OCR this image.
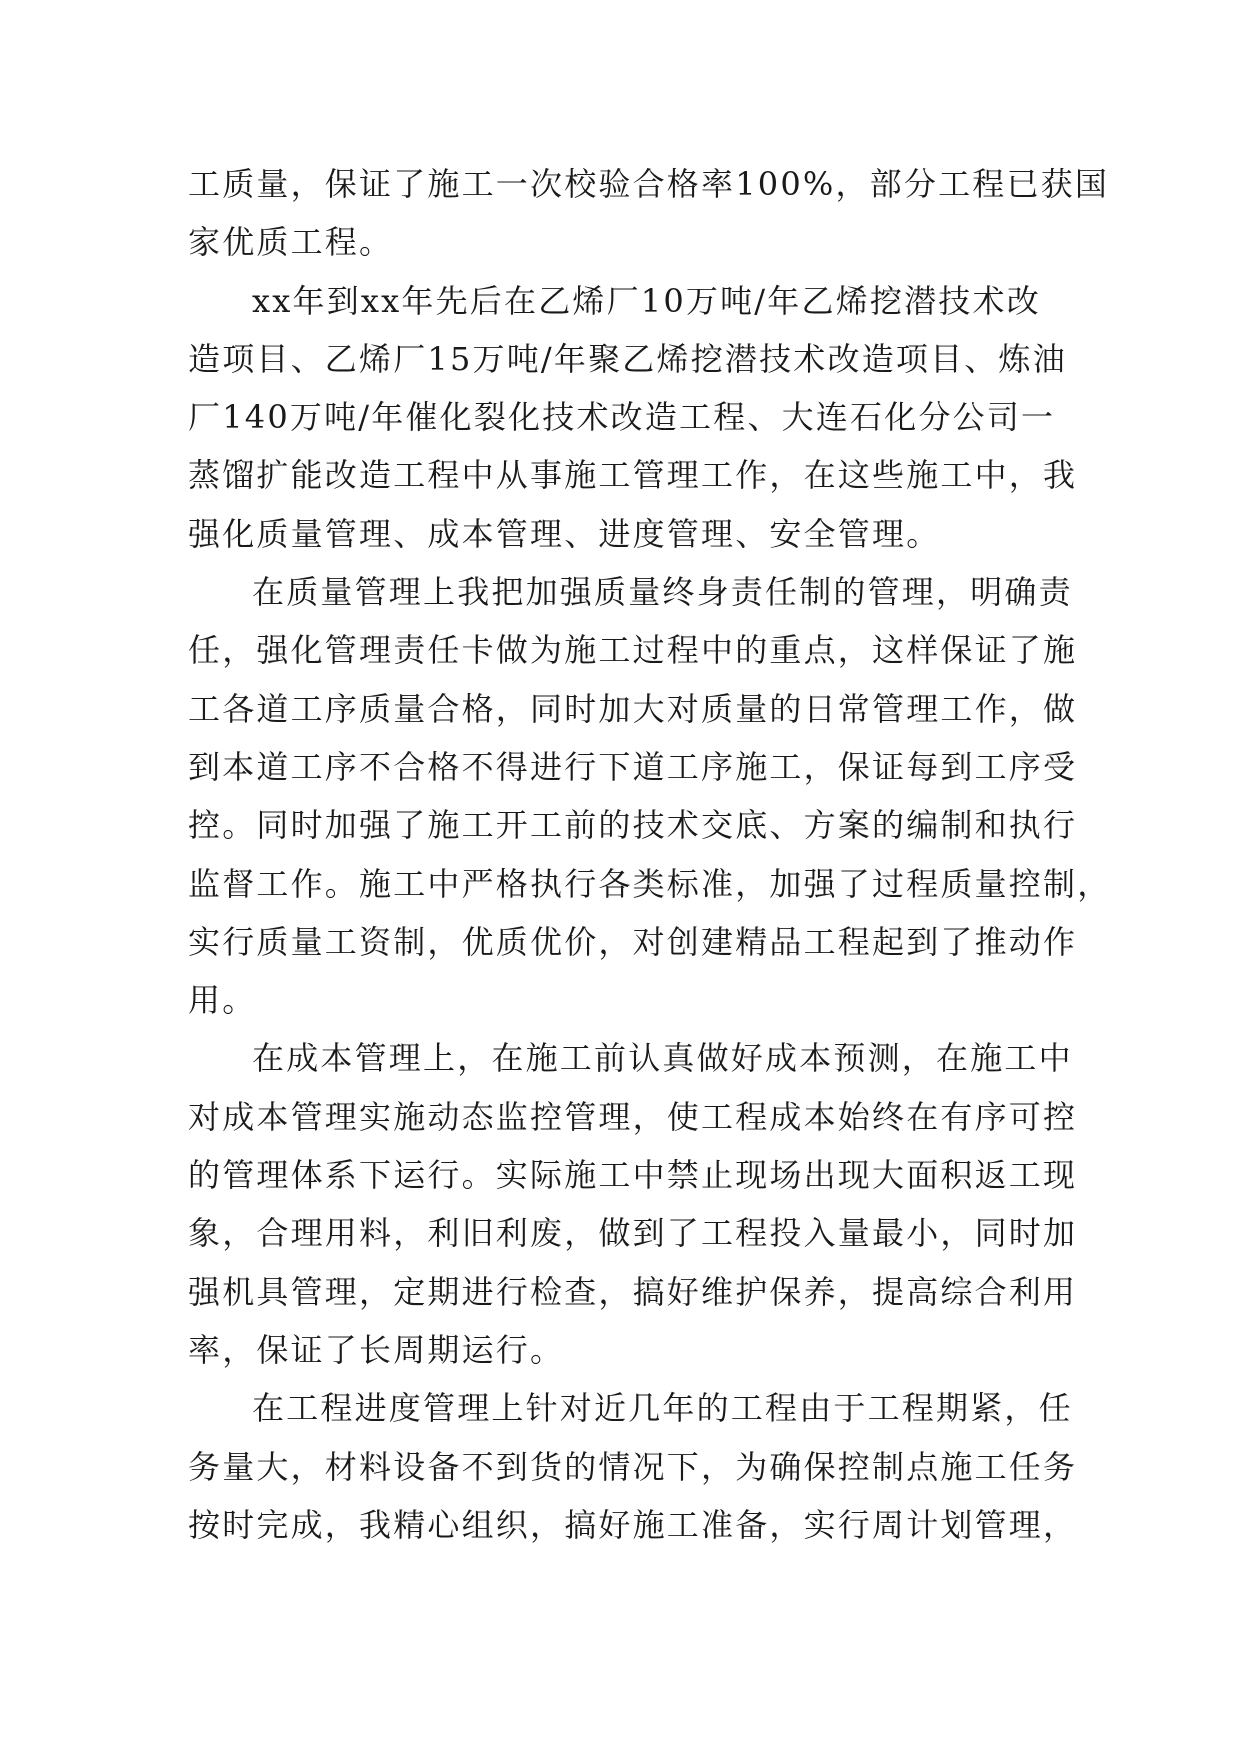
工质量，保证了施工一次校验合格率100%，部分工程已获国
家优质工程。
xx年到xx年先后在乙烯厂10万吨/年乙烯挖潜技术改
造项目、乙烯厂15万吨/年聚乙烯挖潜技术改造项目、炼油
厂140万吨/年催化裂化技术改造工程、大连石化分公司一
蒸馏扩能改造工程中从事施工管理工作，在这些施工中，我
强化质量管理、成本管理、进度管理、安全管理。
在质量管理上我把加强质量终身责任制的管理，明确责
任，强化管理责任卡做为施工过程中的重点，这样保证了施
工各道工序质量合格，同时加大对质量的日常管理工作，做
到本道工序不合格不得进行下道工序施工，保证每到工序受
控。同时加强了施工开工前的技术交底、方案的编制和执行
监督工作。施工中严格执行各类标准，加强了过程质量控制，
实行质量工资制，优质优价，对创建精品工程起到了推动作
用。
在成本管理上，在施工前认真做好成本预测，在施工中
对成本管理实施动态监控管理，使工程成本始终在有序可控
的管理体系下运行。实际施工中禁止现场出现大面积返工现
象，合理用料，利旧利废，做到了工程投入量最小，同时加
强机具管理，定期进行检查，搞好维护保养，提高综合利用
率，保证了长周期运行。
在工程进度管理上针对近几年的工程由于工程期紧，任
务量大，材料设备不到货的情况下，为确保控制点施工任务
按时完成，我精心组织，搞好施工准备，实行周计划管理，
